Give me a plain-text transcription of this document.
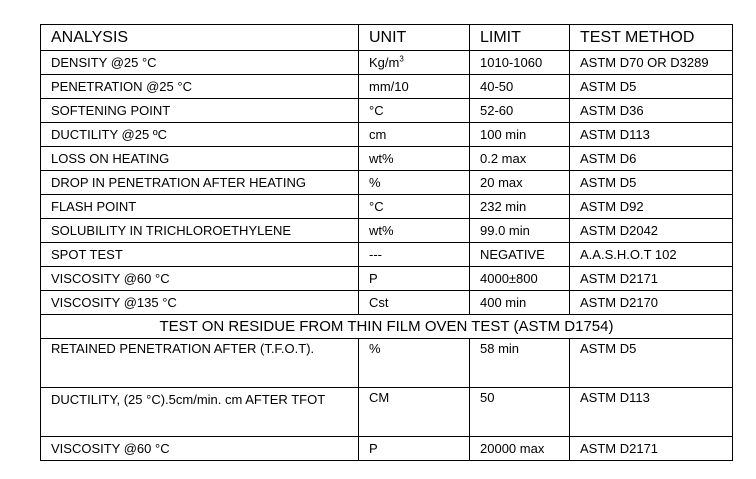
ANALYSIS	UNIT	LIMIT	TEST METHOD
DENSITY @25 °C	$Kg/m^3$	1010-1060	ASTM D70 OR D3289
PENETRATION @25 °C	mm/10	40-50	ASTM D5
SOFTENING POINT	°C	52-60	ASTM D36
DUCTILITY @25 ºC	cm	100 min	ASTM D113
LOSS ON HEATING	wt%	0.2 max	ASTM D6
DROP IN PENETRATION AFTER HEATING	%	20 max	ASTM D5
FLASH POINT	°C	232 min	ASTM D92
SOLUBILITY IN TRICHLOROETHYLENE	wt%	99.0 min	ASTM D2042
SPOT TEST	---	NEGATIVE	A.A.S.H.O.T 102
VISCOSITY @60 °C	P	4000±800	ASTM D2171
VISCOSITY @135 °C	Cst	400 min	ASTM D2170
TEST ON RESIDUE FROM THIN FILM OVEN TEST (ASTM D1754)			
RETAINED PENETRATION AFTER (T.F.O.T).	%	58 min	ASTM D5
DUCTILITY, (25 °C).5cm/min. cm AFTER TFOT	CM	50	ASTM D113
VISCOSITY @60 °C	P	20000 max	ASTM D2171
